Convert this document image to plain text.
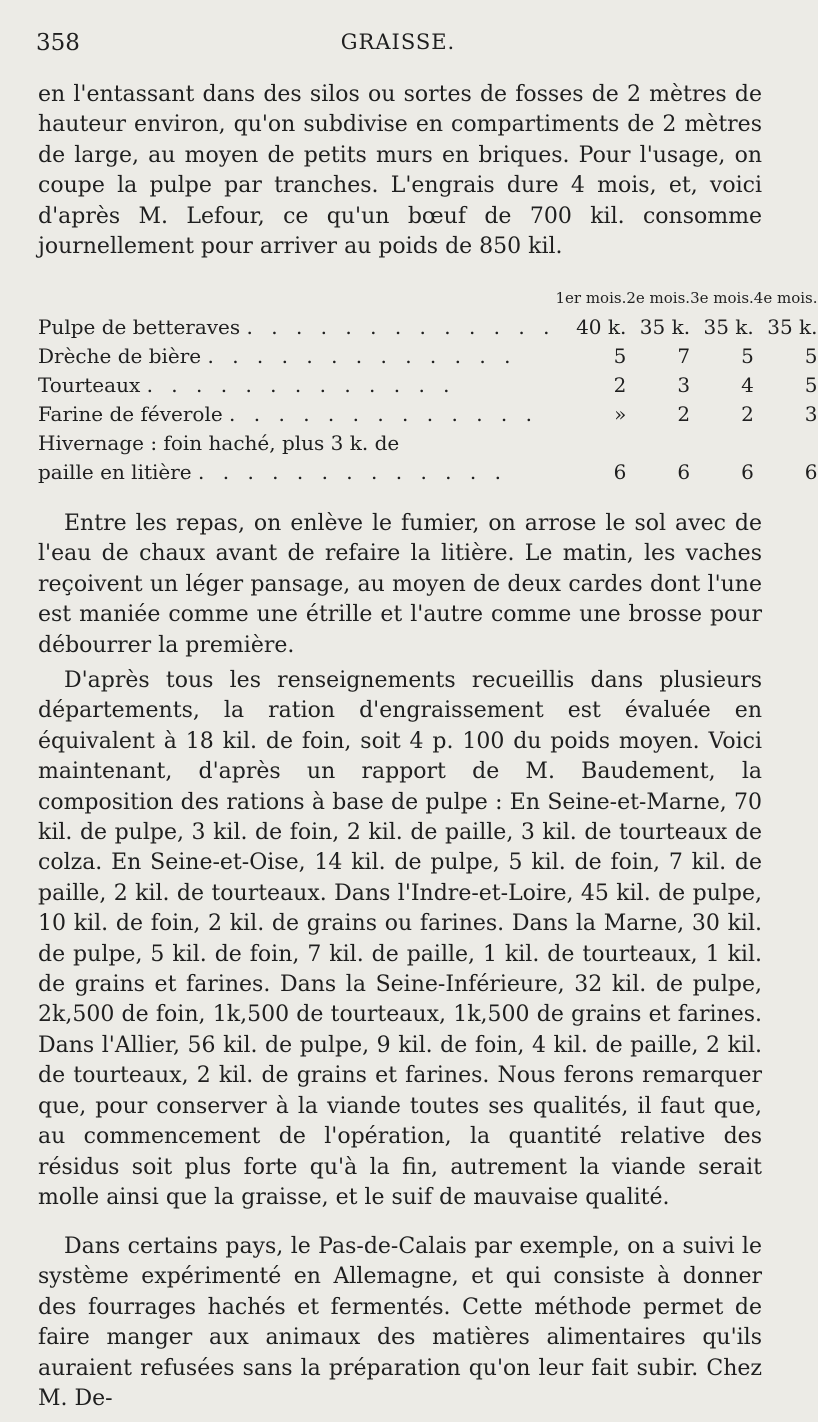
358	GRAISSE.

en l'entassant dans des silos ou sortes de fosses de 2 mètres de hauteur environ, qu'on subdivise en compartiments de 2 mètres de large, au moyen de petits murs en briques. Pour l'usage, on coupe la pulpe par tranches. L'engrais dure 4 mois, et, voici d'après M. Lefour, ce qu'un bœuf de 700 kil. consomme journellement pour arriver au poids de 850 kil.

	1er mois.	2e mois.	3e mois.	4e mois.
Pulpe de betteraves . . . . . . . . . . . . .	40 k.	35 k.	35 k.	35 k.
Drèche de bière . . . . . . . . . . . . .	5	7	5	5
Tourteaux . . . . . . . . . . . . .	2	3	4	5
Farine de féverole . . . . . . . . . . . . .	»	2	2	3
Hivernage : foin haché, plus 3 k. de				
paille en litière . . . . . . . . . . . . .	6	6	6	6

Entre les repas, on enlève le fumier, on arrose le sol avec de l'eau de chaux avant de refaire la litière. Le matin, les vaches reçoivent un léger pansage, au moyen de deux cardes dont l'une est maniée comme une étrille et l'autre comme une brosse pour débourrer la première.

D'après tous les renseignements recueillis dans plusieurs départements, la ration d'engraissement est évaluée en équivalent à 18 kil. de foin, soit 4 p. 100 du poids moyen. Voici maintenant, d'après un rapport de M. Baudement, la composition des rations à base de pulpe : En Seine-et-Marne, 70 kil. de pulpe, 3 kil. de foin, 2 kil. de paille, 3 kil. de tourteaux de colza. En Seine-et-Oise, 14 kil. de pulpe, 5 kil. de foin, 7 kil. de paille, 2 kil. de tourteaux. Dans l'Indre-et-Loire, 45 kil. de pulpe, 10 kil. de foin, 2 kil. de grains ou farines. Dans la Marne, 30 kil. de pulpe, 5 kil. de foin, 7 kil. de paille, 1 kil. de tourteaux, 1 kil. de grains et farines. Dans la Seine-Inférieure, 32 kil. de pulpe, 2k,500 de foin, 1k,500 de tourteaux, 1k,500 de grains et farines. Dans l'Allier, 56 kil. de pulpe, 9 kil. de foin, 4 kil. de paille, 2 kil. de tourteaux, 2 kil. de grains et farines. Nous ferons remarquer que, pour conserver à la viande toutes ses qualités, il faut que, au commencement de l'opération, la quantité relative des résidus soit plus forte qu'à la fin, autrement la viande serait molle ainsi que la graisse, et le suif de mauvaise qualité.

Dans certains pays, le Pas-de-Calais par exemple, on a suivi le système expérimenté en Allemagne, et qui consiste à donner des fourrages hachés et fermentés. Cette méthode permet de faire manger aux animaux des matières alimentaires qu'ils auraient refusées sans la préparation qu'on leur fait subir. Chez M. De-
